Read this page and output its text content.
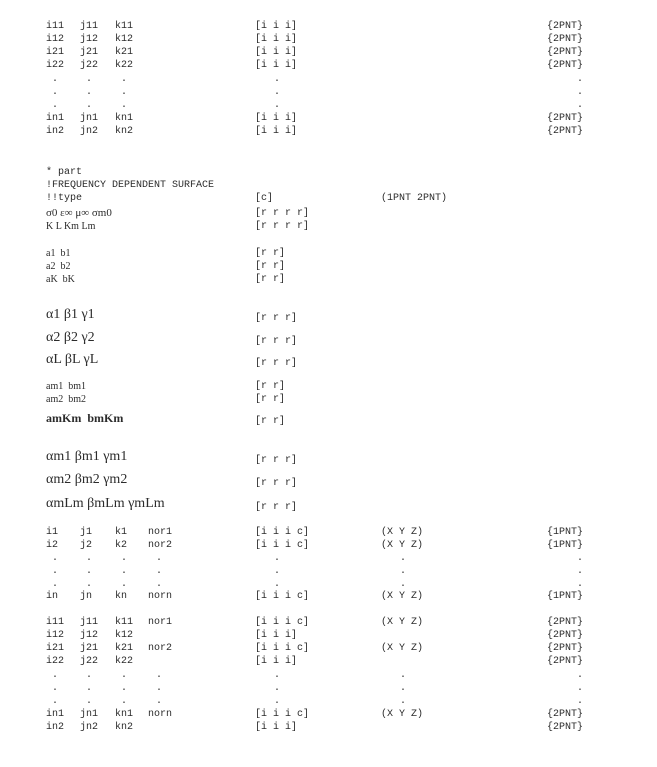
* part
!FREQUENCY DEPENDENT SURFACE
!!type	[c]	(1PNT 2PNT)
σ0 ε∞ μ∞ σm0	[r r r r]
K L Km Lm	[r r r r]
a1  b1	[r r]
a2  b2	[r r]
aK  bK	[r r]
α1 β1 γ1	[r r r]
α2 β2 γ2	[r r r]
αL βL γL	[r r r]
am1  bm1	[r r]
am2  bm2	[r r]
amKm  bmKm	[r r]
αm1 βm1 γm1	[r r r]
αm2 βm2 γm2	[r r r]
αmLm βmLm γmLm	[r r r]
i11 j11 k11	[i i i]	{2PNT}
i12 j12 k12	[i i i]	{2PNT}
i21 j21 k21	[i i i]	{2PNT}
i22 j22 k22	[i i i]	{2PNT}
.	.	.	.	.
.	.	.	.	.
.	.	.	.	.
in1 jn1 kn1	[i i i]	{2PNT}
in2 jn2 kn2	[i i i]	{2PNT}
i1 j1 k1 nor1	[i i i c]	(X Y Z)	{1PNT}
i2 j2 k2 nor2	[i i i c]	(X Y Z)	{1PNT}
.	.	.	.	.	.	.
.	.	.	.	.	.	.
.	.	.	.	.	.	.
in jn kn norn	[i i i c]	(X Y Z)	{1PNT}
i11 j11 k11 nor1	[i i i c]	(X Y Z)	{2PNT}
i12 j12 k12	[i i i]	{2PNT}
i21 j21 k21 nor2	[i i i c]	(X Y Z)	{2PNT}
i22 j22 k22	[i i i]	{2PNT}
.	.	.	.	.	.	.
.	.	.	.	.	.	.
.	.	.	.	.	.	.
in1 jn1 kn1 norn	[i i i c]	(X Y Z)	{2PNT}
in2 jn2 kn2	[i i i]	{2PNT}
